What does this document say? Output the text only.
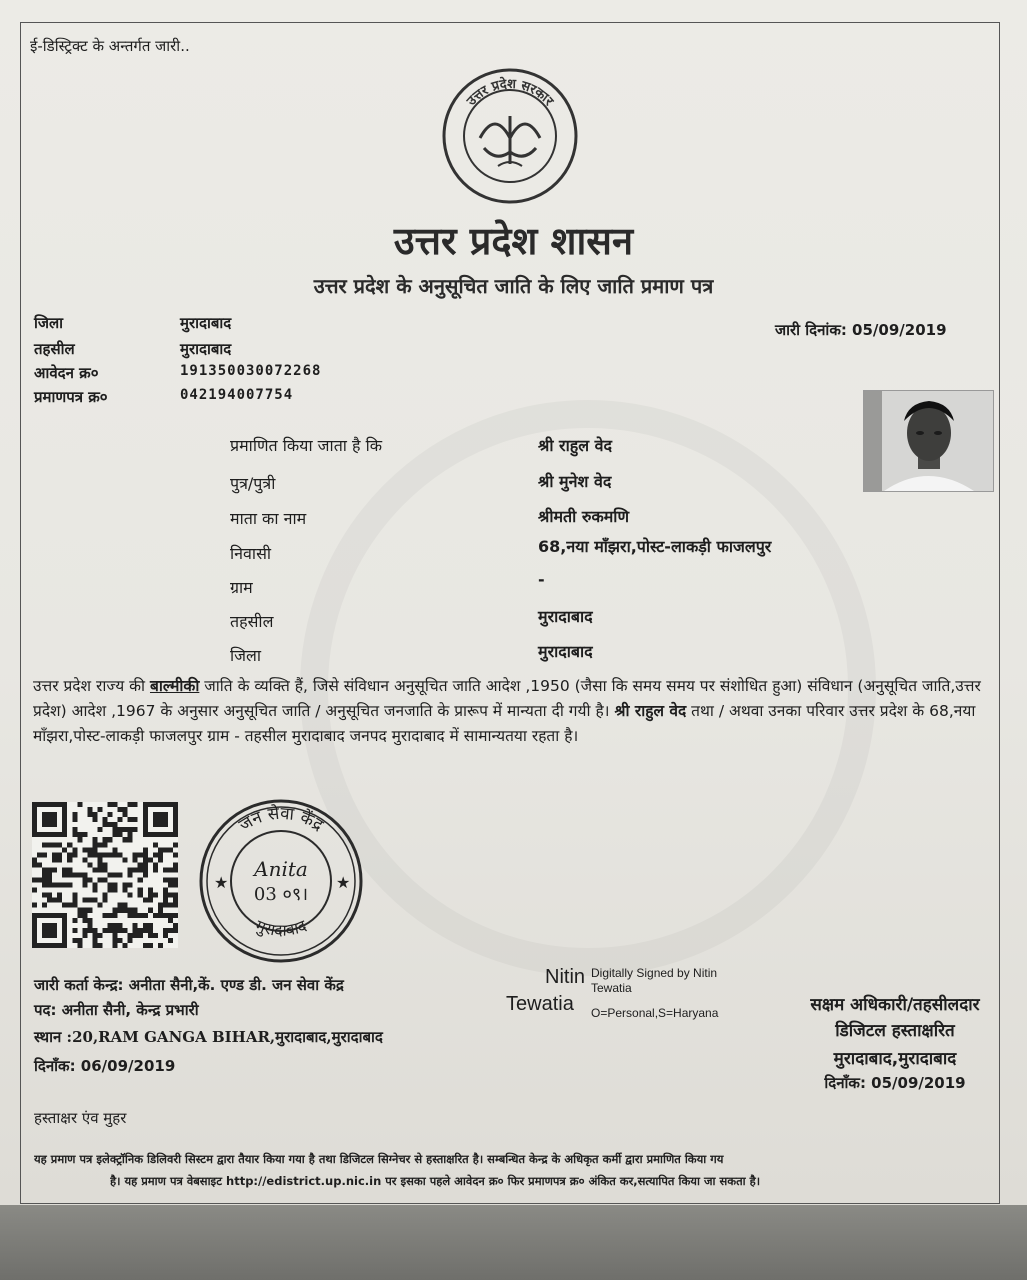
ई-डिस्ट्रिक्ट के अन्तर्गत जारी..
उत्तर प्रदेश सरकार
उत्तर प्रदेश शासन
उत्तर प्रदेश के अनुसूचित जाति के लिए जाति प्रमाण पत्र
जिला	मुरादाबाद
तहसील	मुरादाबाद
आवेदन क्र०	191350030072268
प्रमाणपत्र क्र०	042194007754
जारी दिनांक: 05/09/2019
प्रमाणित किया जाता है कि	श्री राहुल वेद
पुत्र/पुत्री	श्री मुनेश वेद
माता का नाम	श्रीमती रुकमणि
निवासी	68,नया माँझरा,पोस्ट-लाकड़ी फाजलपुर
ग्राम	-
तहसील	मुरादाबाद
जिला	मुरादाबाद
उत्तर प्रदेश राज्य की बाल्मीकी जाति के व्यक्ति हैं, जिसे संविधान अनुसूचित जाति आदेश ,1950 (जैसा कि समय समय पर संशोधित हुआ) संविधान (अनुसूचित जाति,उत्तर प्रदेश) आदेश ,1967 के अनुसार अनुसूचित जाति / अनुसूचित जनजाति के प्रारूप में मान्यता दी गयी है। श्री राहुल वेद तथा / अथवा उनका परिवार उत्तर प्रदेश के 68,नया माँझरा,पोस्ट-लाकड़ी फाजलपुर ग्राम - तहसील मुरादाबाद जनपद मुरादाबाद में सामान्यतया रहता है।
जन सेवा केंद्र
मुरादाबाद
★	★
Anita
03 ०९।
जारी कर्ता केन्द्र: अनीता सैनी,कें. एण्ड डी. जन सेवा केंद्र
पद: अनीता सैनी, केन्द्र प्रभारी
स्थान :20,RAM GANGA BIHAR,मुरादाबाद,मुरादाबाद
दिनाँक: 06/09/2019
हस्ताक्षर एंव मुहर
Nitin
Tewatia
Digitally Signed by Nitin
Tewatia
O=Personal,S=Haryana	सक्षम अधिकारी/तहसीलदार
डिजिटल हस्ताक्षरित
मुरादाबाद,मुरादाबाद
दिनाँक: 05/09/2019
यह प्रमाण पत्र इलेक्ट्रॉनिक डिलिवरी सिस्टम द्वारा तैयार किया गया है तथा डिजिटल सिग्नेचर से हस्ताक्षरित है। सम्बन्धित केन्द्र के अधिकृत कर्मी द्वारा प्रमाणित किया गय
है। यह प्रमाण पत्र वेबसाइट http://edistrict.up.nic.in पर इसका पहले आवेदन क्र० फिर प्रमाणपत्र क्र० अंकित कर,सत्यापित किया जा सकता है।
